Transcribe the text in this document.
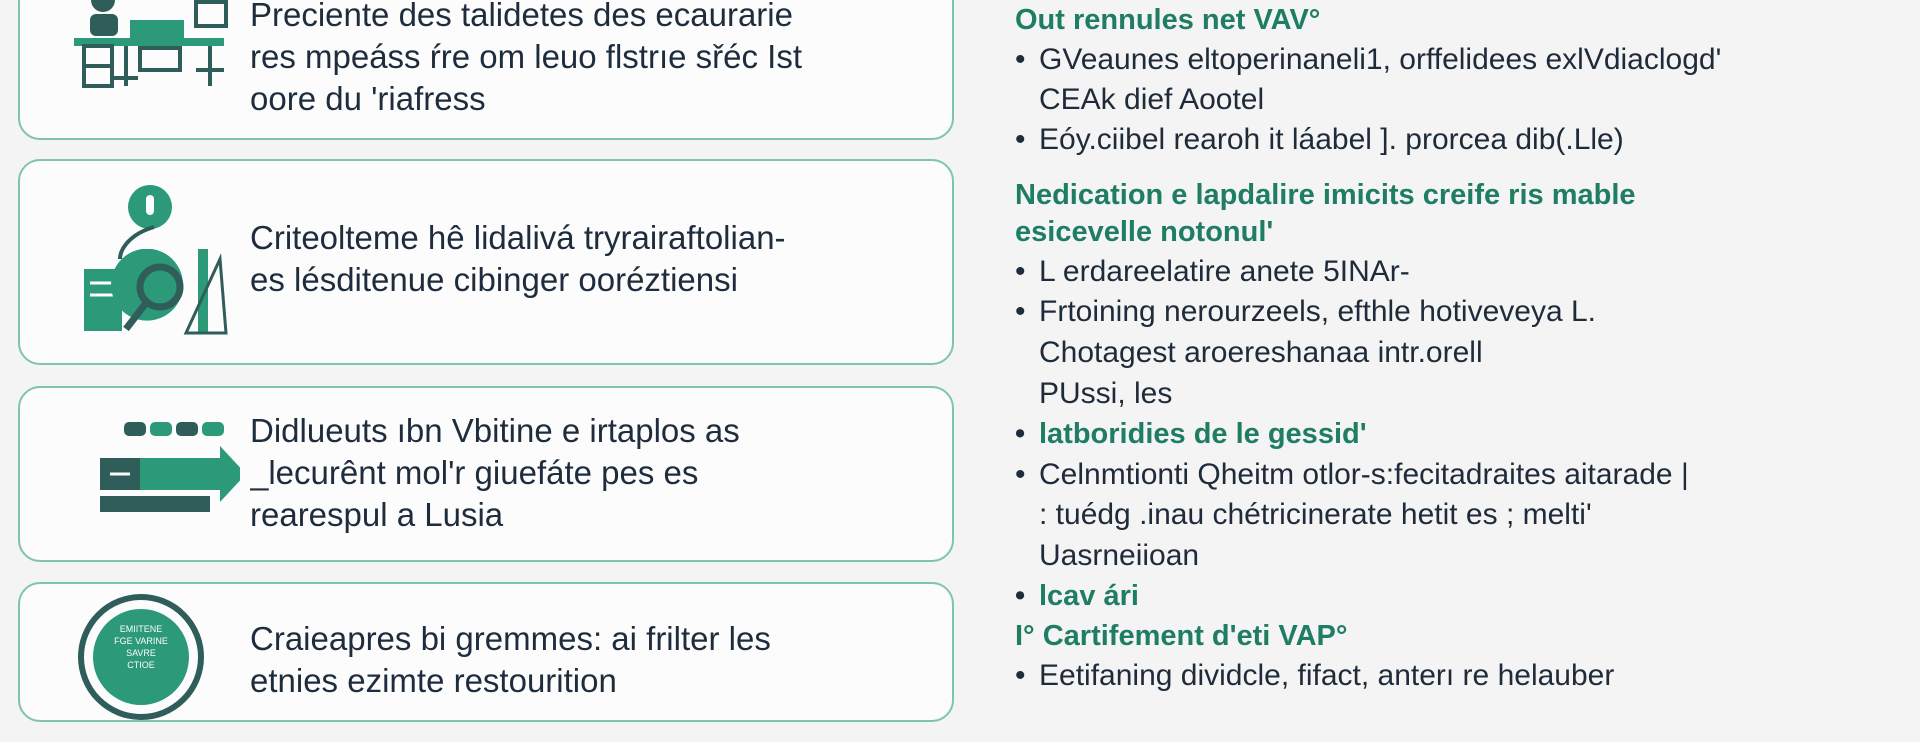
Preciente des talidetes des ecaurarie
res mpeáss ŕre om leuo flstrıe sřéc Ist
oore du 'riafress
Criteolteme hê lidalivá tryrairaftolian-
es lésditenue cibinger ooréztiensi
Didlueuts ıbn Vbitine e irtaplos as
_lecurênt mol'r giuefáte pes es
rearespul a Lusia
EMIITENE
FGE VARINE
SAVRE
CTIOE
Craieapres bi gremmes: ai frilter les
etnies ezimte restourition
Out rennules net VAV°
• GVeaunes eltoperinaneli1, orffelidees exlVdiaclogd'
CEAk dief Aootel
• Eóy.ciibel rearoh it láabel ]. prorcea dib(.Lle)
Nedication e lapdalire imicits creife ris mable
esicevelle notonul'
• L erdareelatire anete 5INAr-
• Frtoining nerourzeels, efthle hotiveveya L.
Chotagest aroereshanaa intr.orell
PUssi, les
• latboridies de le gessid'
• Celnmtionti Qheitm otlor-s:fecitadraites aitarade |
: tuédg .inau chétricinerate hetit es ; melti'
Uasrneiioan
• lcav ári
I° Cartifement d'eti VAP°
• Eetifaning dividcle, fifact, anterı re helauber
